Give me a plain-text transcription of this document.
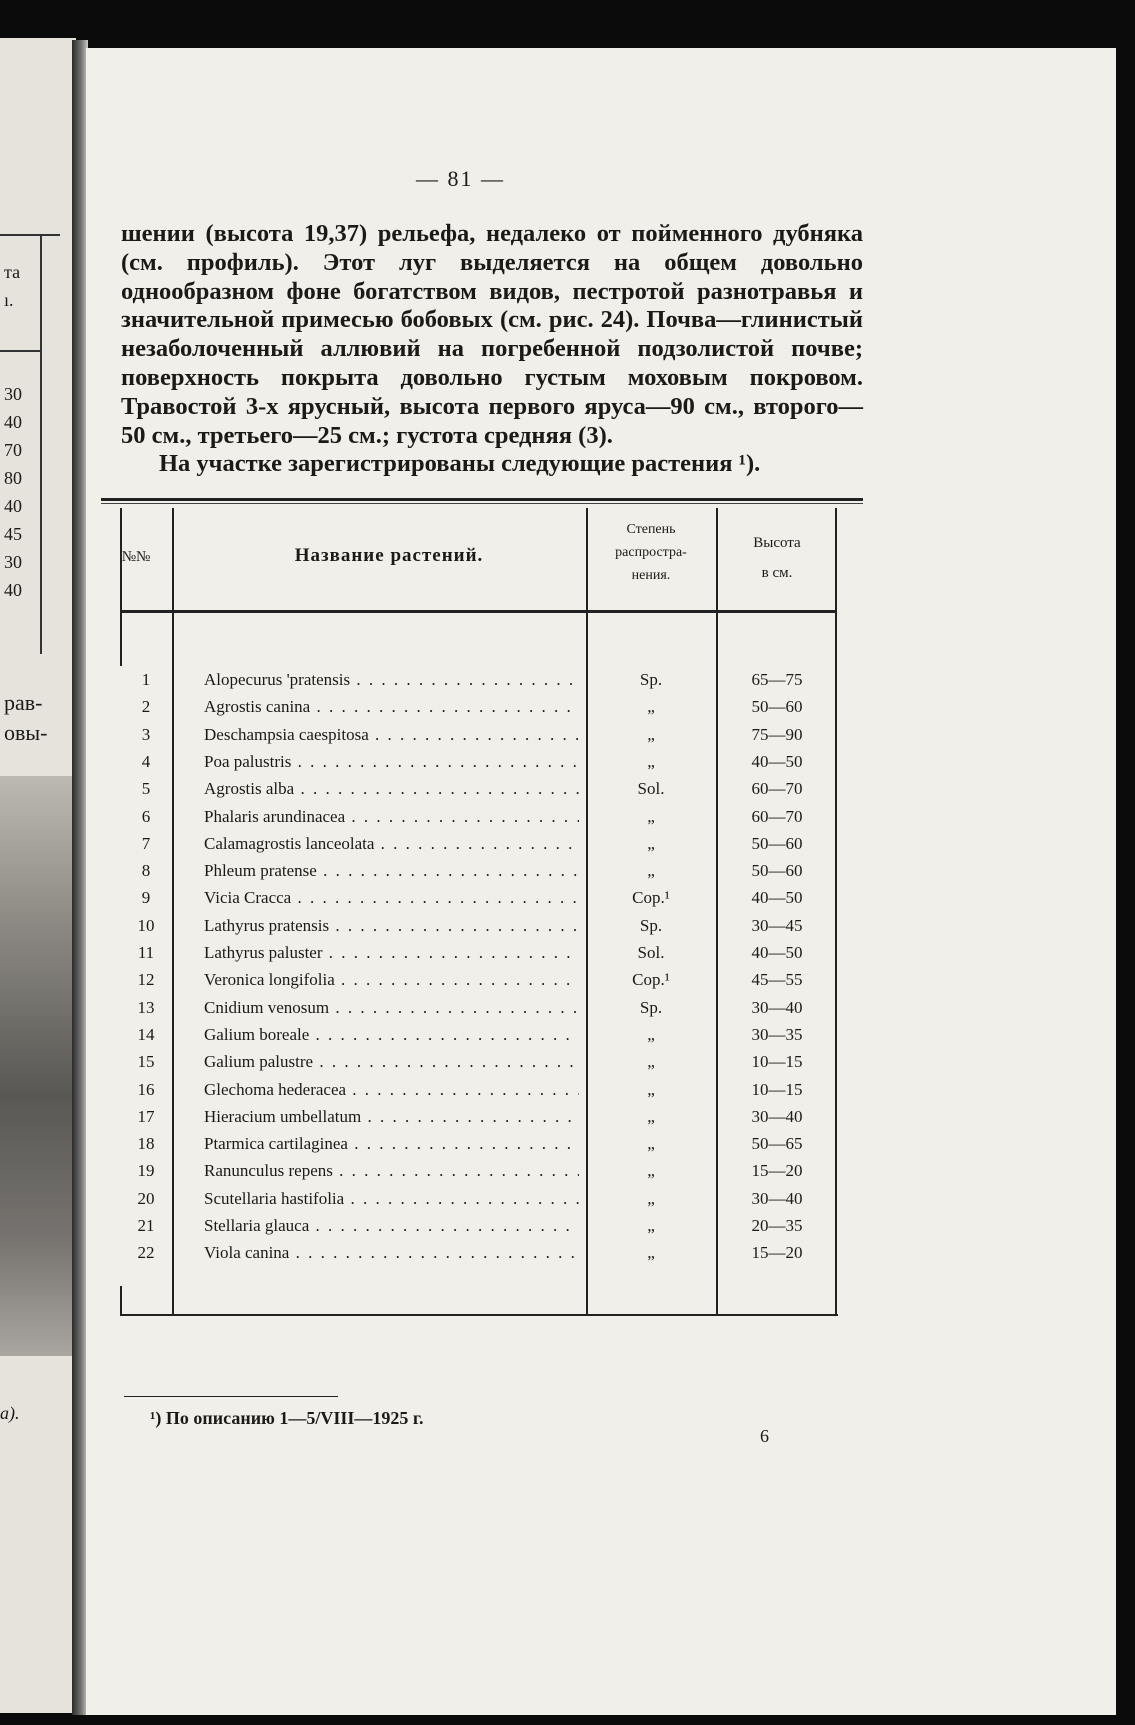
та
ı.
30
40
70
80
40
45
30
40
рав-
овы-
a).
— 81 —

шении (высота 19,37) рельефа, недалеко от пойменного дубняка (см. профиль). Этот луг выделяется на общем довольно однообразном фоне богатством видов, пестротой разнотравья и значительной примесью бобовых (см. рис. 24). Почва—глинистый незаболоченный аллювий на погребенной подзолистой почве; поверхность покрыта довольно густым моховым покровом. Травостой 3-х ярусный, высота первого яруса—90 см., второго—50 см., третьего—25 см.; густота средняя (3).

На участке зарегистрированы следующие растения ¹).

№№	Название растений.
Степень
распростра-
нения.
Высота
в см.
1	Alopecurus 'pratensis . . .	Sp.	65—75
2	Agrostis canina . . .	„	50—60
3	Deschampsia caespitosa . . .	„	75—90
4	Poa palustris . . .	„	40—50
5	Agrostis alba . . .	Sol.	60—70
6	Phalaris arundinacea . . .	„	60—70
7	Calamagrostis lanceolata . . .	„	50—60
8	Phleum pratense . . .	„	50—60
9	Vicia Cracca . . .	Cop.¹	40—50
10	Lathyrus pratensis . . .	Sp.	30—45
11	Lathyrus paluster . . .	Sol.	40—50
12	Veronica longifolia . . .	Cop.¹	45—55
13	Cnidium venosum . . .	Sp.	30—40
14	Galium boreale . . .	„	30—35
15	Galium palustre . . .	„	10—15
16	Glechoma hederacea . . .	„	10—15
17	Hieracium umbellatum . . .	„	30—40
18	Ptarmica cartilaginea . . .	„	50—65
19	Ranunculus repens . . .	„	15—20
20	Scutellaria hastifolia . . .	„	30—40
21	Stellaria glauca . . .	„	20—35
22	Viola canina . . .	„	15—20
¹) По описанию 1—5/VIII—1925 г.
6
